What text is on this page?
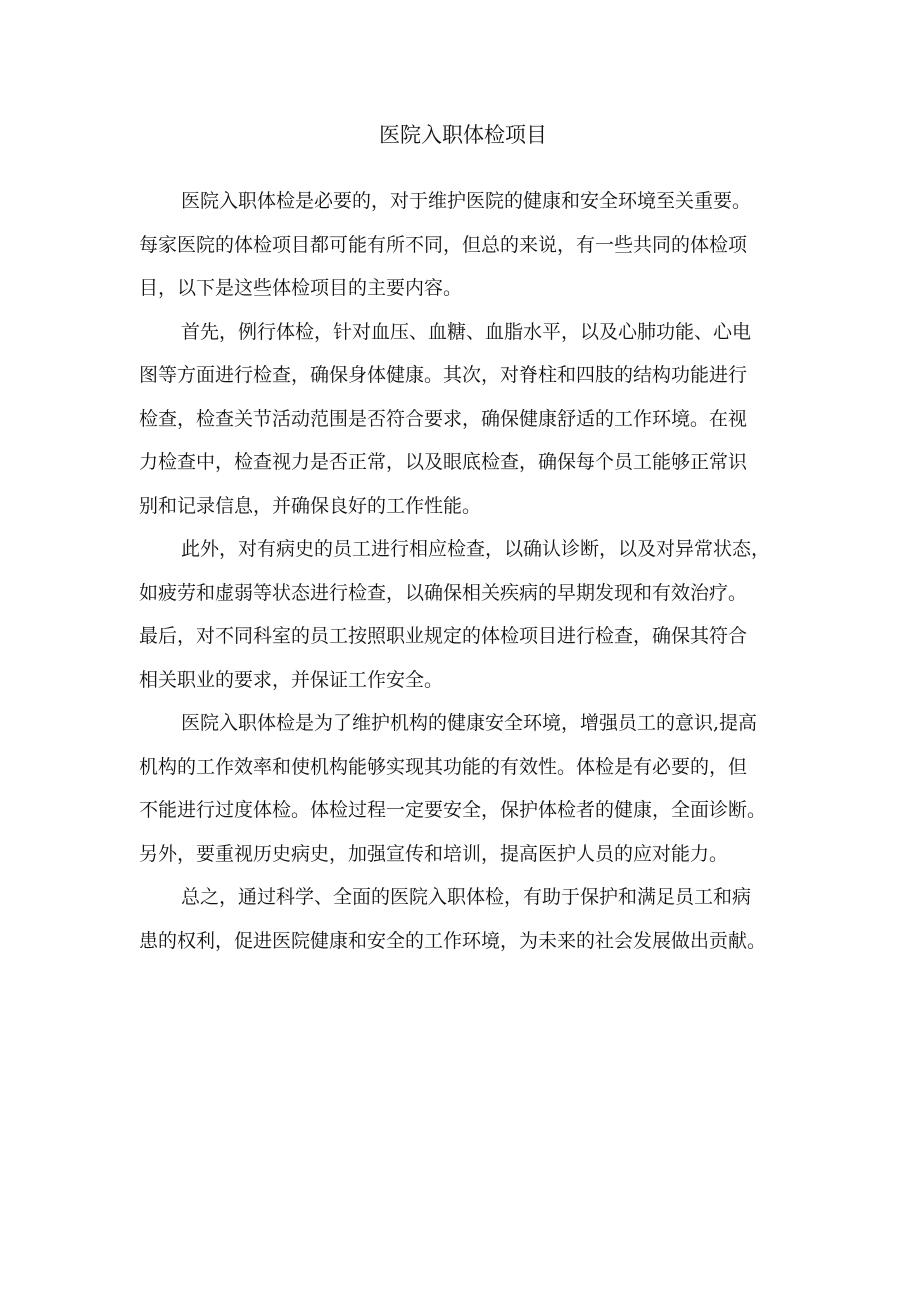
医院入职体检项目
医院入职体检是必要的，对于维护医院的健康和安全环境至关重要。
每家医院的体检项目都可能有所不同，但总的来说，有一些共同的体检项
目，以下是这些体检项目的主要内容。
首先，例行体检，针对血压、血糖、血脂水平，以及心肺功能、心电
图等方面进行检查，确保身体健康。其次，对脊柱和四肢的结构功能进行
检查，检查关节活动范围是否符合要求，确保健康舒适的工作环境。在视
力检查中，检查视力是否正常，以及眼底检查，确保每个员工能够正常识
别和记录信息，并确保良好的工作性能。
此外，对有病史的员工进行相应检查，以确认诊断，以及对异常状态，
如疲劳和虚弱等状态进行检查，以确保相关疾病的早期发现和有效治疗。
最后，对不同科室的员工按照职业规定的体检项目进行检查，确保其符合
相关职业的要求，并保证工作安全。
医院入职体检是为了维护机构的健康安全环境，增强员工的意识,提高
机构的工作效率和使机构能够实现其功能的有效性。体检是有必要的，但
不能进行过度体检。体检过程一定要安全，保护体检者的健康，全面诊断。
另外，要重视历史病史，加强宣传和培训，提高医护人员的应对能力。
总之，通过科学、全面的医院入职体检，有助于保护和满足员工和病
患的权利，促进医院健康和安全的工作环境，为未来的社会发展做出贡献。
